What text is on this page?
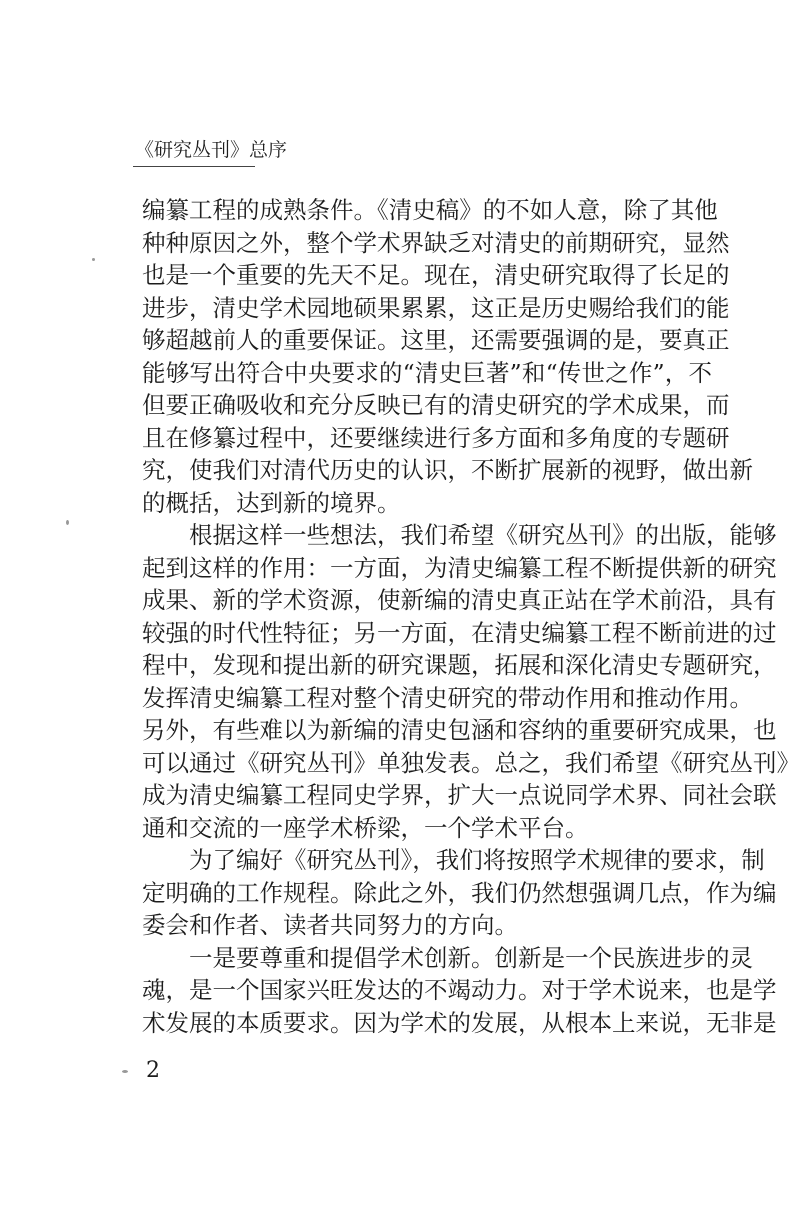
《研究丛刊》总序
编纂工程的成熟条件。《清史稿》的不如人意，除了其他
种种原因之外，整个学术界缺乏对清史的前期研究，显然
也是一个重要的先天不足。现在，清史研究取得了长足的
进步，清史学术园地硕果累累，这正是历史赐给我们的能
够超越前人的重要保证。这里，还需要强调的是，要真正
能够写出符合中央要求的“清史巨著”和“传世之作”，不
但要正确吸收和充分反映已有的清史研究的学术成果，而
且在修纂过程中，还要继续进行多方面和多角度的专题研
究，使我们对清代历史的认识，不断扩展新的视野，做出新
的概括，达到新的境界。
根据这样一些想法，我们希望《研究丛刊》的出版，能够
起到这样的作用：一方面，为清史编纂工程不断提供新的研究
成果、新的学术资源，使新编的清史真正站在学术前沿，具有
较强的时代性特征；另一方面，在清史编纂工程不断前进的过
程中，发现和提出新的研究课题，拓展和深化清史专题研究，
发挥清史编纂工程对整个清史研究的带动作用和推动作用。
另外，有些难以为新编的清史包涵和容纳的重要研究成果，也
可以通过《研究丛刊》单独发表。总之，我们希望《研究丛刊》
成为清史编纂工程同史学界，扩大一点说同学术界、同社会联
通和交流的一座学术桥梁，一个学术平台。
为了编好《研究丛刊》，我们将按照学术规律的要求，制
定明确的工作规程。除此之外，我们仍然想强调几点，作为编
委会和作者、读者共同努力的方向。
一是要尊重和提倡学术创新。创新是一个民族进步的灵
魂，是一个国家兴旺发达的不竭动力。对于学术说来，也是学
术发展的本质要求。因为学术的发展，从根本上来说，无非是
2
